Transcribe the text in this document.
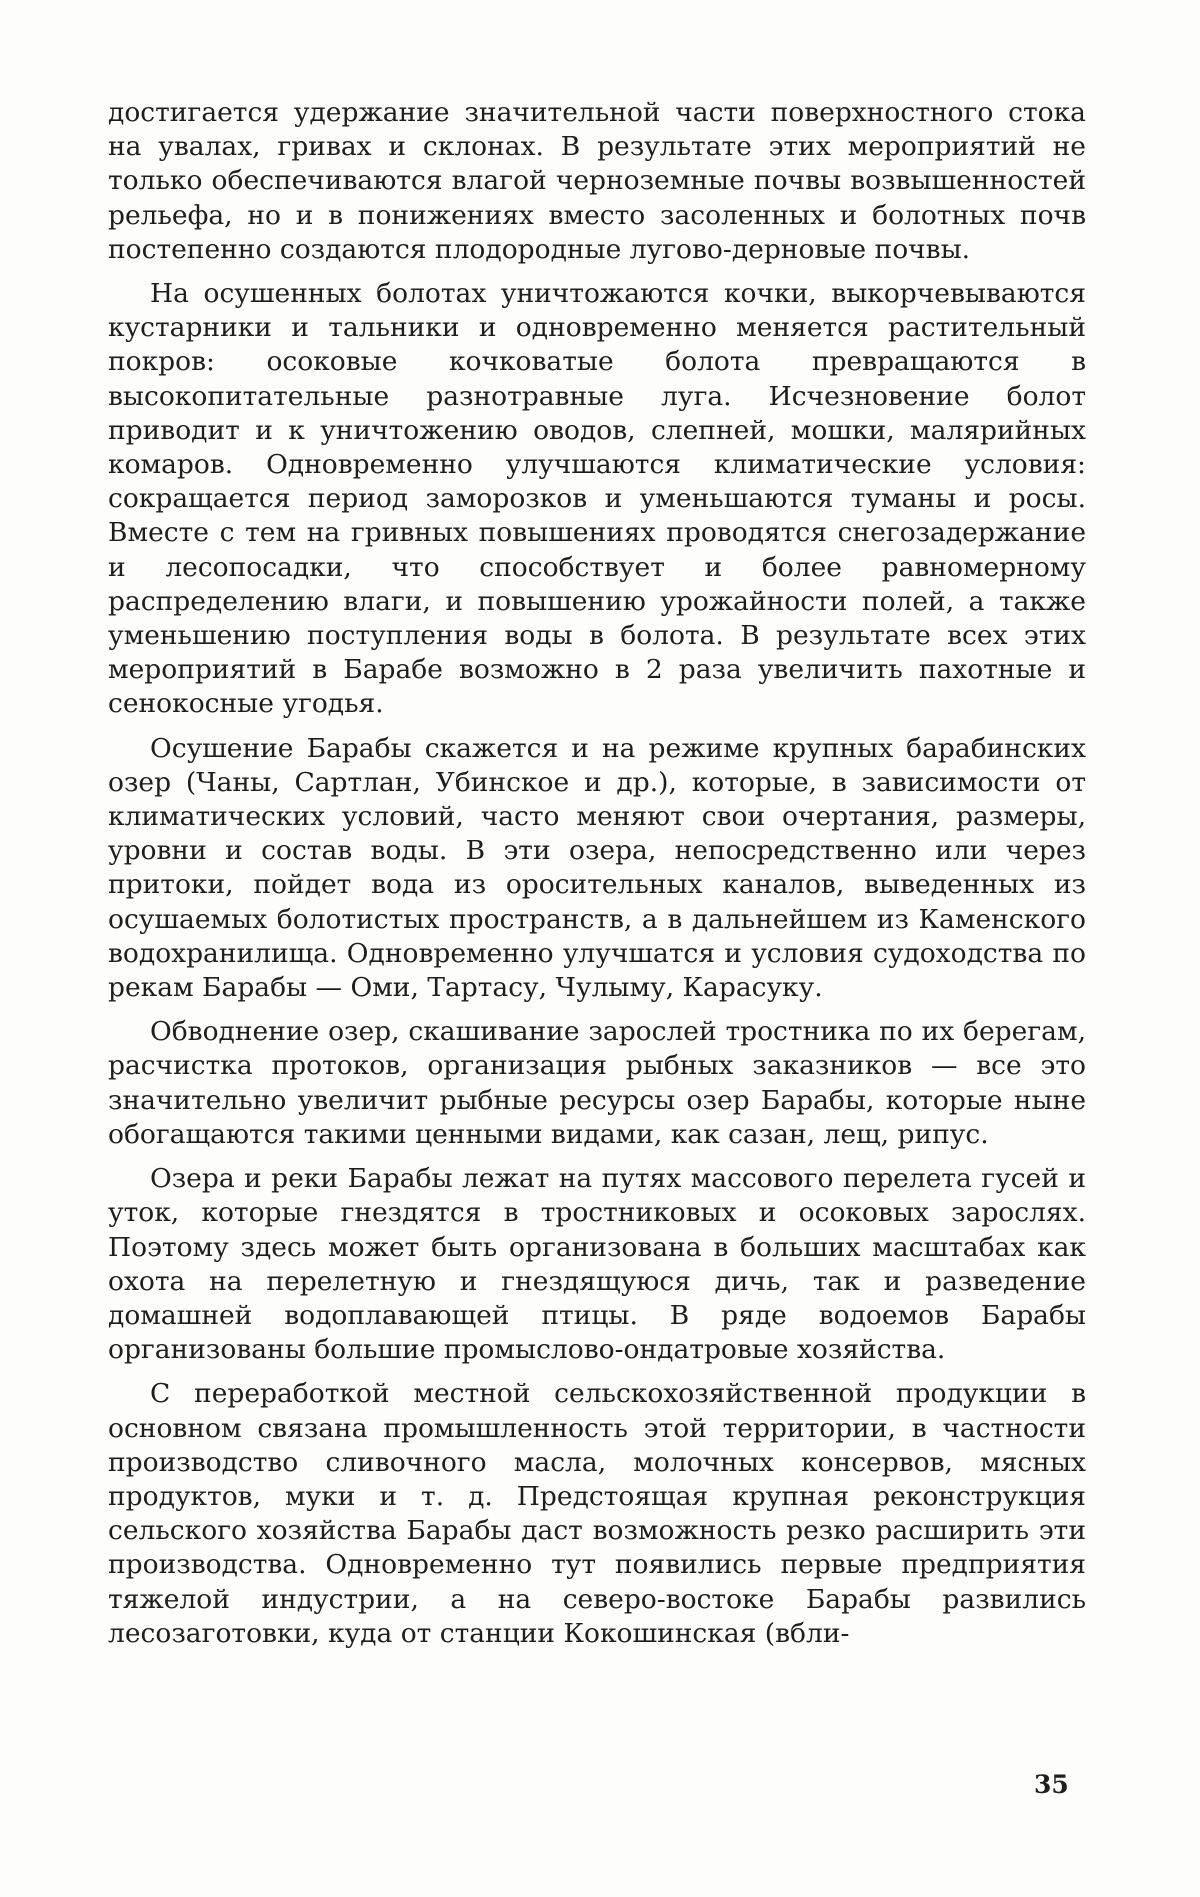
достигается удержание значительной части поверхностного стока на увалах, гривах и склонах. В результате этих мероприятий не только обеспечиваются влагой черноземные почвы возвышенностей рельефа, но и в понижениях вместо засоленных и болотных почв постепенно создаются плодородные лугово-дерновые почвы.

На осушенных болотах уничтожаются кочки, выкорчевываются кустарники и тальники и одновременно меняется растительный покров: осоковые кочковатые болота превращаются в высокопитательные разнотравные луга. Исчезновение болот приводит и к уничтожению оводов, слепней, мошки, малярийных комаров. Одновременно улучшаются климатические условия: сокращается период заморозков и уменьшаются туманы и росы. Вместе с тем на гривных повышениях проводятся снегозадержание и лесопосадки, что способствует и более равномерному распределению влаги, и повышению урожайности полей, а также уменьшению поступления воды в болота. В результате всех этих мероприятий в Барабе возможно в 2 раза увеличить пахотные и сенокосные угодья.

Осушение Барабы скажется и на режиме крупных барабинских озер (Чаны, Сартлан, Убинское и др.), которые, в зависимости от климатических условий, часто меняют свои очертания, размеры, уровни и состав воды. В эти озера, непосредственно или через притоки, пойдет вода из оросительных каналов, выведенных из осушаемых болотистых пространств, а в дальнейшем из Каменского водохранилища. Одновременно улучшатся и условия судоходства по рекам Барабы — Оми, Тартасу, Чулыму, Карасуку.

Обводнение озер, скашивание зарослей тростника по их берегам, расчистка протоков, организация рыбных заказников — все это значительно увеличит рыбные ресурсы озер Барабы, которые ныне обогащаются такими ценными видами, как сазан, лещ, рипус.

Озера и реки Барабы лежат на путях массового перелета гусей и уток, которые гнездятся в тростниковых и осоковых зарослях. Поэтому здесь может быть организована в больших масштабах как охота на перелетную и гнездящуюся дичь, так и разведение домашней водоплавающей птицы. В ряде водоемов Барабы организованы большие промыслово-ондатровые хозяйства.

С переработкой местной сельскохозяйственной продукции в основном связана промышленность этой территории, в частности производство сливочного масла, молочных консервов, мясных продуктов, муки и т. д. Предстоящая крупная реконструкция сельского хозяйства Барабы даст возможность резко расширить эти производства. Одновременно тут появились первые предприятия тяжелой индустрии, а на северо-востоке Барабы развились лесозаготовки, куда от станции Кокошинская (вбли-

35
